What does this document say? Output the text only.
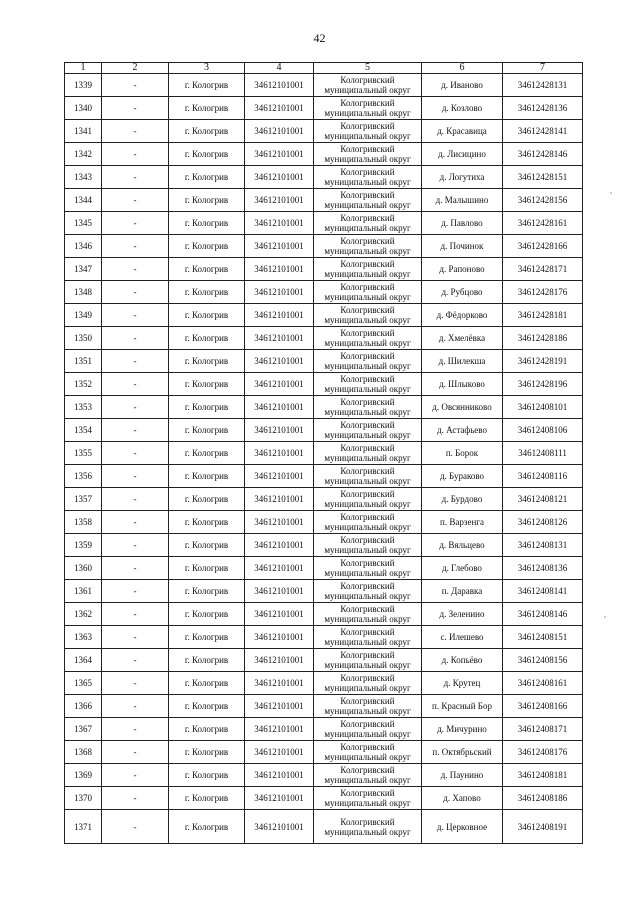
42
1	2	3	4	5	6	7
1339	-	г. Кологрив	34612101001	Кологривский
муниципальный округ	д. Иваново	34612428131
1340	-	г. Кологрив	34612101001	Кологривский
муниципальный округ	д. Козлово	34612428136
1341	-	г. Кологрив	34612101001	Кологривский
муниципальный округ	д. Красавица	34612428141
1342	-	г. Кологрив	34612101001	Кологривский
муниципальный округ	д. Лисицино	34612428146
1343	-	г. Кологрив	34612101001	Кологривский
муниципальный округ	д. Логутиха	34612428151
1344	-	г. Кологрив	34612101001	Кологривский
муниципальный округ	д. Малышино	34612428156
1345	-	г. Кологрив	34612101001	Кологривский
муниципальный округ	д. Павлово	34612428161
1346	-	г. Кологрив	34612101001	Кологривский
муниципальный округ	д. Починок	34612428166
1347	-	г. Кологрив	34612101001	Кологривский
муниципальный округ	д. Рапоново	34612428171
1348	-	г. Кологрив	34612101001	Кологривский
муниципальный округ	д. Рубцово	34612428176
1349	-	г. Кологрив	34612101001	Кологривский
муниципальный округ	д. Фёдорково	34612428181
1350	-	г. Кологрив	34612101001	Кологривский
муниципальный округ	д. Хмелёвка	34612428186
1351	-	г. Кологрив	34612101001	Кологривский
муниципальный округ	д. Шилекша	34612428191
1352	-	г. Кологрив	34612101001	Кологривский
муниципальный округ	д. Шлыково	34612428196
1353	-	г. Кологрив	34612101001	Кологривский
муниципальный округ	д. Овсянниково	34612408101
1354	-	г. Кологрив	34612101001	Кологривский
муниципальный округ	д. Астафьево	34612408106
1355	-	г. Кологрив	34612101001	Кологривский
муниципальный округ	п. Борок	34612408111
1356	-	г. Кологрив	34612101001	Кологривский
муниципальный округ	д. Бураково	34612408116
1357	-	г. Кологрив	34612101001	Кологривский
муниципальный округ	д. Бурдово	34612408121
1358	-	г. Кологрив	34612101001	Кологривский
муниципальный округ	п. Варзенга	34612408126
1359	-	г. Кологрив	34612101001	Кологривский
муниципальный округ	д. Вяльцево	34612408131
1360	-	г. Кологрив	34612101001	Кологривский
муниципальный округ	д. Глебово	34612408136
1361	-	г. Кологрив	34612101001	Кологривский
муниципальный округ	п. Даравка	34612408141
1362	-	г. Кологрив	34612101001	Кологривский
муниципальный округ	д. Зеленино	34612408146
1363	-	г. Кологрив	34612101001	Кологривский
муниципальный округ	с. Илешево	34612408151
1364	-	г. Кологрив	34612101001	Кологривский
муниципальный округ	д. Копьёво	34612408156
1365	-	г. Кологрив	34612101001	Кологривский
муниципальный округ	д. Крутец	34612408161
1366	-	г. Кологрив	34612101001	Кологривский
муниципальный округ	п. Красный Бор	34612408166
1367	-	г. Кологрив	34612101001	Кологривский
муниципальный округ	д. Мичурино	34612408171
1368	-	г. Кологрив	34612101001	Кологривский
муниципальный округ	п. Октябрьский	34612408176
1369	-	г. Кологрив	34612101001	Кологривский
муниципальный округ	д. Паунино	34612408181
1370	-	г. Кологрив	34612101001	Кологривский
муниципальный округ	д. Хапово	34612408186
1371	-	г. Кологрив	34612101001	Кологривский
муниципальный округ	д. Церковное	34612408191
